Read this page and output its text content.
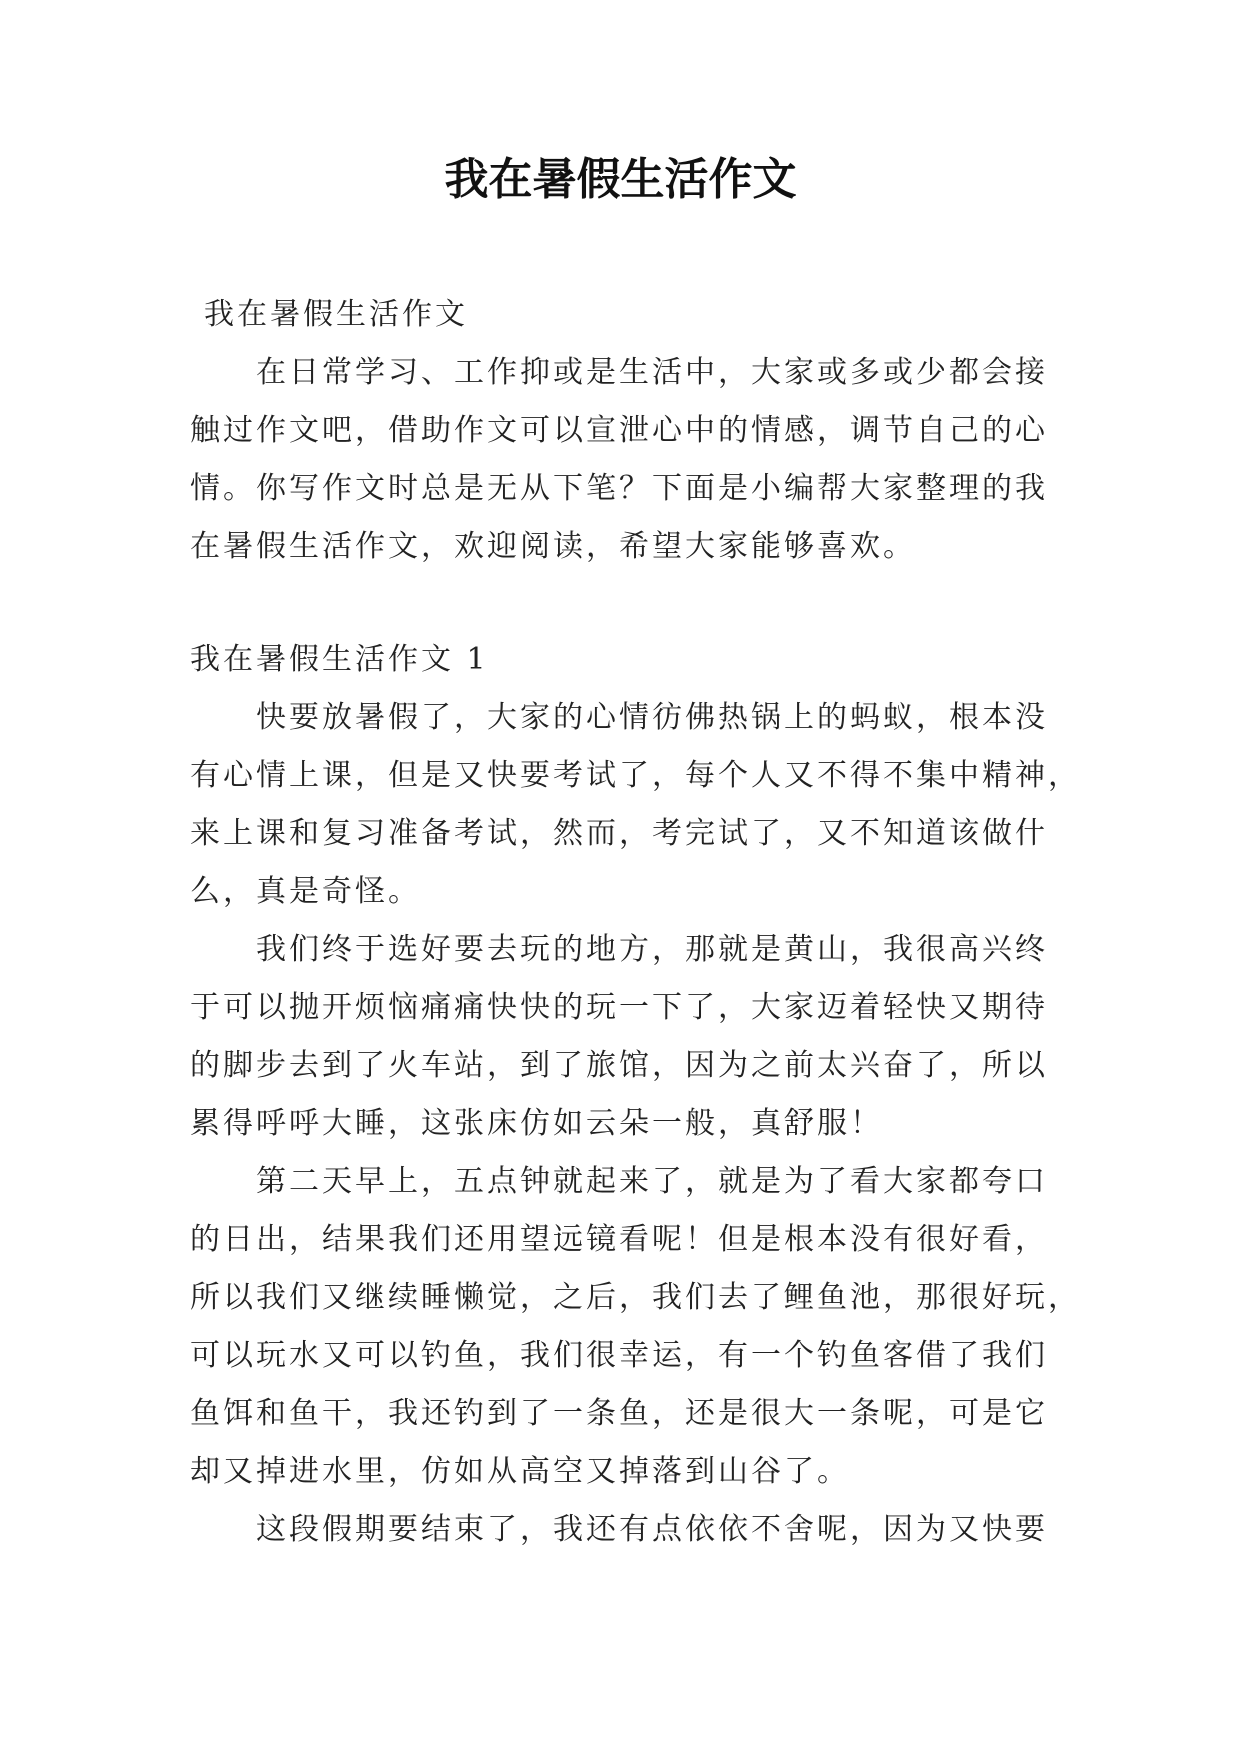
我在暑假生活作文
我在暑假生活作文
在日常学习、工作抑或是生活中，大家或多或少都会接
触过作文吧，借助作文可以宣泄心中的情感，调节自己的心
情。你写作文时总是无从下笔？下面是小编帮大家整理的我
在暑假生活作文，欢迎阅读，希望大家能够喜欢。
我在暑假生活作文 1
快要放暑假了，大家的心情彷佛热锅上的蚂蚁，根本没
有心情上课，但是又快要考试了，每个人又不得不集中精神，
来上课和复习准备考试，然而，考完试了，又不知道该做什
么，真是奇怪。
我们终于选好要去玩的地方，那就是黄山，我很高兴终
于可以抛开烦恼痛痛快快的玩一下了，大家迈着轻快又期待
的脚步去到了火车站，到了旅馆，因为之前太兴奋了，所以
累得呼呼大睡，这张床仿如云朵一般，真舒服！
第二天早上，五点钟就起来了，就是为了看大家都夸口
的日出，结果我们还用望远镜看呢！但是根本没有很好看，
所以我们又继续睡懒觉，之后，我们去了鲤鱼池，那很好玩，
可以玩水又可以钓鱼，我们很幸运，有一个钓鱼客借了我们
鱼饵和鱼干，我还钓到了一条鱼，还是很大一条呢，可是它
却又掉进水里，仿如从高空又掉落到山谷了。
这段假期要结束了，我还有点依依不舍呢，因为又快要
